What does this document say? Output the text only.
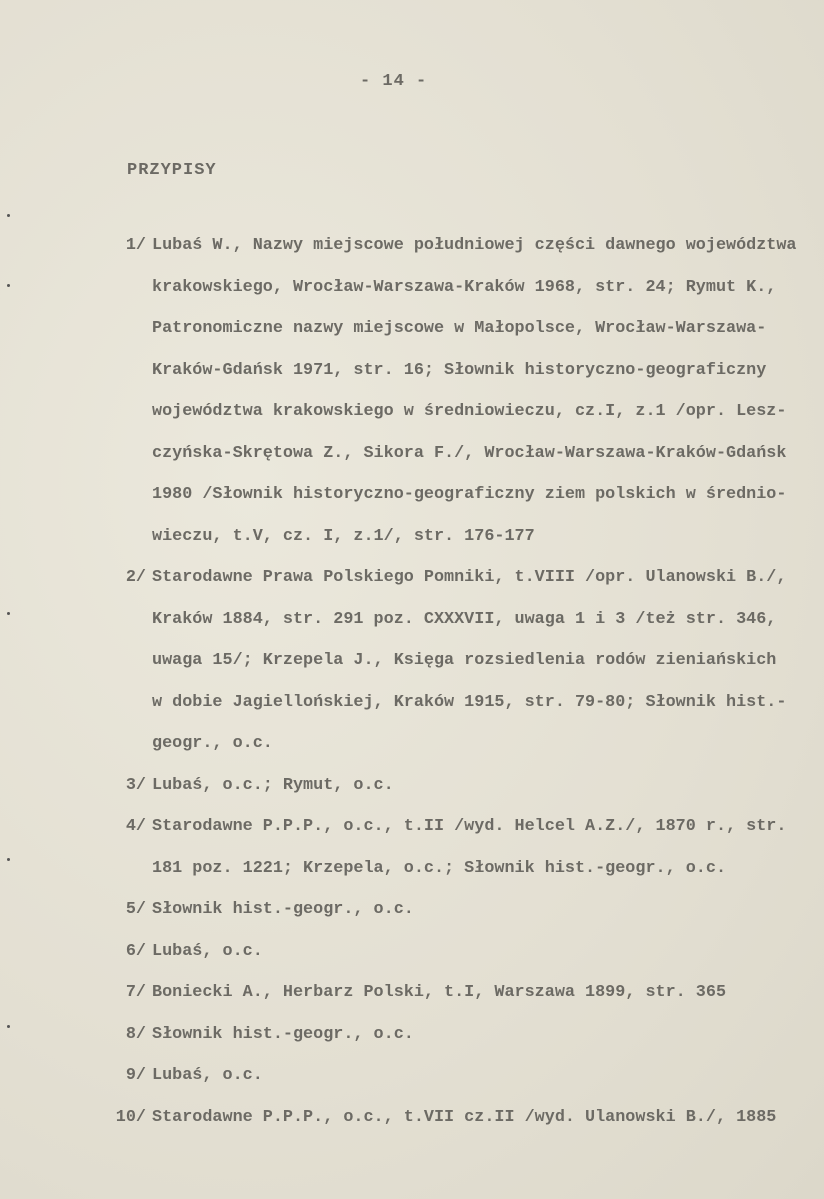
- 14 -
PRZYPISY
1/ Lubaś W., Nazwy miejscowe południowej części dawnego województwa
krakowskiego, Wrocław-Warszawa-Kraków 1968, str. 24; Rymut K.,
Patronomiczne nazwy miejscowe w Małopolsce, Wrocław-Warszawa-
Kraków-Gdańsk 1971, str. 16; Słownik historyczno-geograficzny
województwa krakowskiego w średniowieczu, cz.I, z.1 /opr. Lesz-
czyńska-Skrętowa Z., Sikora F./, Wrocław-Warszawa-Kraków-Gdańsk
1980 /Słownik historyczno-geograficzny ziem polskich w średnio-
wieczu, t.V, cz. I, z.1/, str. 176-177
2/ Starodawne Prawa Polskiego Pomniki, t.VIII /opr. Ulanowski B./,
Kraków 1884, str. 291 poz. CXXXVII, uwaga 1 i 3 /też str. 346,
uwaga 15/; Krzepela J., Księga rozsiedlenia rodów zieniańskich
w dobie Jagiellońskiej, Kraków 1915, str. 79-80; Słownik hist.-
geogr., o.c.
3/ Lubaś, o.c.; Rymut, o.c.
4/ Starodawne P.P.P., o.c., t.II /wyd. Helcel A.Z./, 1870 r., str.
181 poz. 1221; Krzepela, o.c.; Słownik hist.-geogr., o.c.
5/ Słownik hist.-geogr., o.c.
6/ Lubaś, o.c.
7/ Boniecki A., Herbarz Polski, t.I, Warszawa 1899, str. 365
8/ Słownik hist.-geogr., o.c.
9/ Lubaś, o.c.
10/ Starodawne P.P.P., o.c., t.VII cz.II /wyd. Ulanowski B./, 1885
